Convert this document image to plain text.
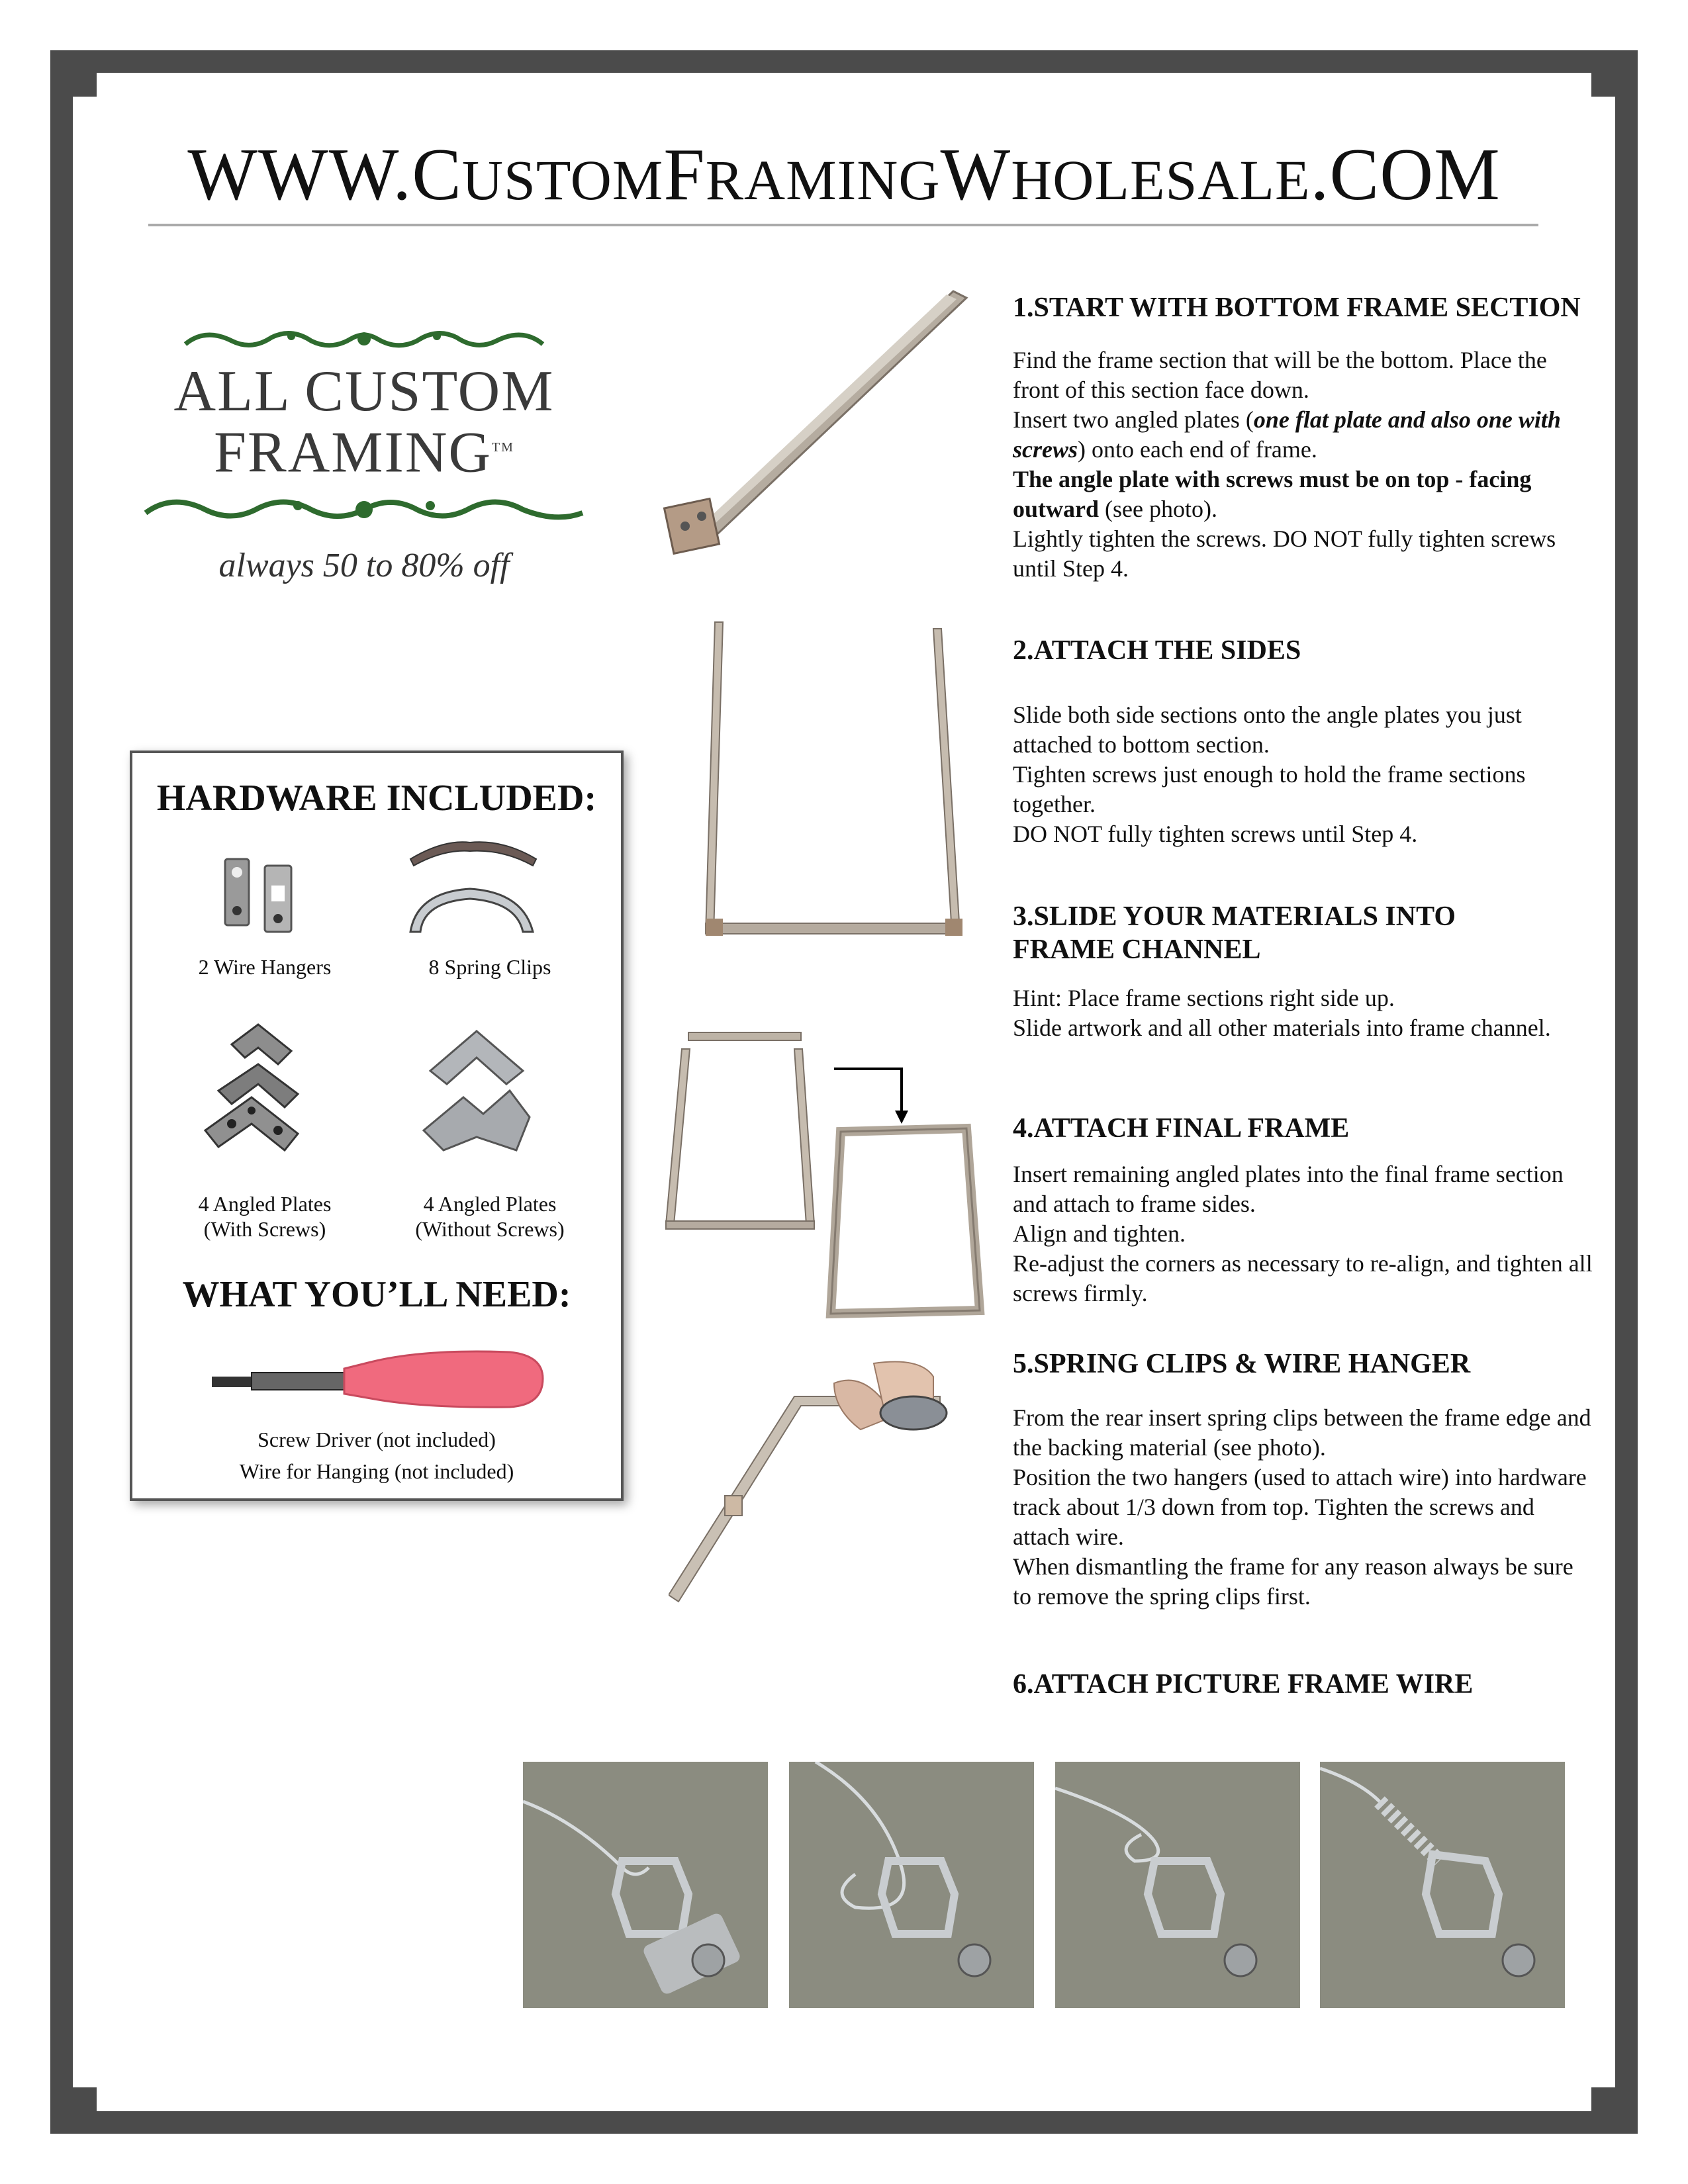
WWW.CUSTOMFRAMINGWHOLESALE.COM
ALL CUSTOM
FRAMING™
always 50 to 80% off
HARDWARE INCLUDED:
2 Wire Hangers	8 Spring Clips
4 Angled Plates
(With Screws)
4 Angled Plates
(Without Screws)
WHAT YOU’LL NEED:
Screw Driver (not included)
Wire for Hanging (not included)
1.START WITH BOTTOM FRAME SECTION
Find the frame section that will be the bottom. Place the front of this section face down.
Insert two angled plates (one flat plate and also one with screws) onto each end of frame.
The angle plate with screws must be on top - facing outward (see photo).
Lightly tighten the screws. DO NOT fully tighten screws until Step 4.
2.ATTACH THE SIDES
Slide both side sections onto the angle plates you just attached to bottom section.
Tighten screws just enough to hold the frame sections together.
DO NOT fully tighten screws until Step 4.
3.SLIDE YOUR MATERIALS INTO
FRAME CHANNEL
Hint: Place frame sections right side up.
Slide artwork and all other materials into frame channel.
4.ATTACH FINAL FRAME
Insert remaining angled plates into the final frame section and attach to frame sides.
Align and tighten.
Re-adjust the corners as necessary to re-align, and tighten all screws firmly.
5.SPRING CLIPS & WIRE HANGER
From the rear insert spring clips between the frame edge and the backing material (see photo).
Position the two hangers (used to attach wire) into hardware track about 1/3 down from top. Tighten the screws and attach wire.
When dismantling the frame for any reason always be sure to remove the spring clips first.
6.ATTACH PICTURE FRAME WIRE
